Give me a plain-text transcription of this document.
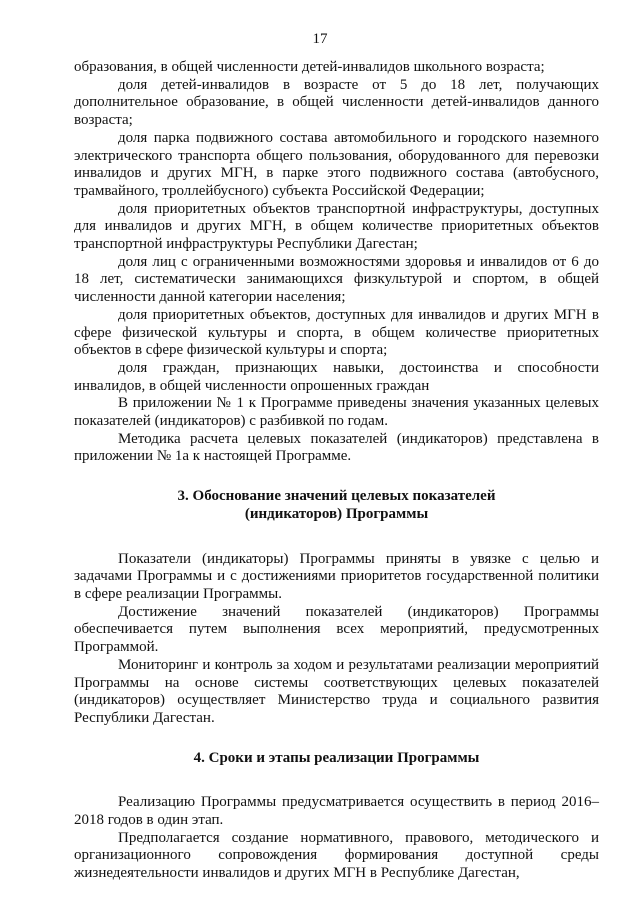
17

образования, в общей численности детей-инвалидов школьного возраста;

доля детей-инвалидов в возрасте от 5 до 18 лет, получающих дополнительное образование, в общей численности детей-инвалидов данного возраста;

доля парка подвижного состава автомобильного и городского наземного электрического транспорта общего пользования, оборудованного для перевозки инвалидов и других МГН, в парке этого подвижного состава (автобусного, трамвайного, троллейбусного) субъекта Российской Федерации;

доля приоритетных объектов транспортной инфраструктуры, доступных для инвалидов и других МГН, в общем количестве приоритетных объектов транспортной инфраструктуры Республики Дагестан;

доля лиц с ограниченными возможностями здоровья и инвалидов от 6 до 18 лет, систематически занимающихся физкультурой и спортом, в общей численности данной категории населения;

доля приоритетных объектов, доступных для инвалидов и других МГН в сфере физической культуры и спорта, в общем количестве приоритетных объектов в сфере физической культуры и спорта;

доля граждан, признающих навыки, достоинства и способности инвалидов, в общей численности опрошенных граждан

В приложении № 1 к Программе приведены значения указанных целевых показателей (индикаторов) с разбивкой по годам.

Методика расчета целевых показателей (индикаторов) представлена в приложении № 1а к настоящей Программе.

3. Обоснование значений целевых показателей
(индикаторов) Программы

Показатели (индикаторы) Программы приняты в увязке с целью и задачами Программы и с достижениями приоритетов государственной политики в сфере реализации Программы.

Достижение значений показателей (индикаторов) Программы обеспечивается путем выполнения всех мероприятий, предусмотренных Программой.

Мониторинг и контроль за ходом и результатами реализации мероприятий Программы на основе системы соответствующих целевых показателей (индикаторов) осуществляет Министерство труда и социального развития Республики Дагестан.

4. Сроки и этапы реализации Программы

Реализацию Программы предусматривается осуществить в период 2016–2018 годов в один этап.

Предполагается создание нормативного, правового, методического и организационного сопровождения формирования доступной среды жизнедеятельности инвалидов и других МГН в Республике Дагестан,
